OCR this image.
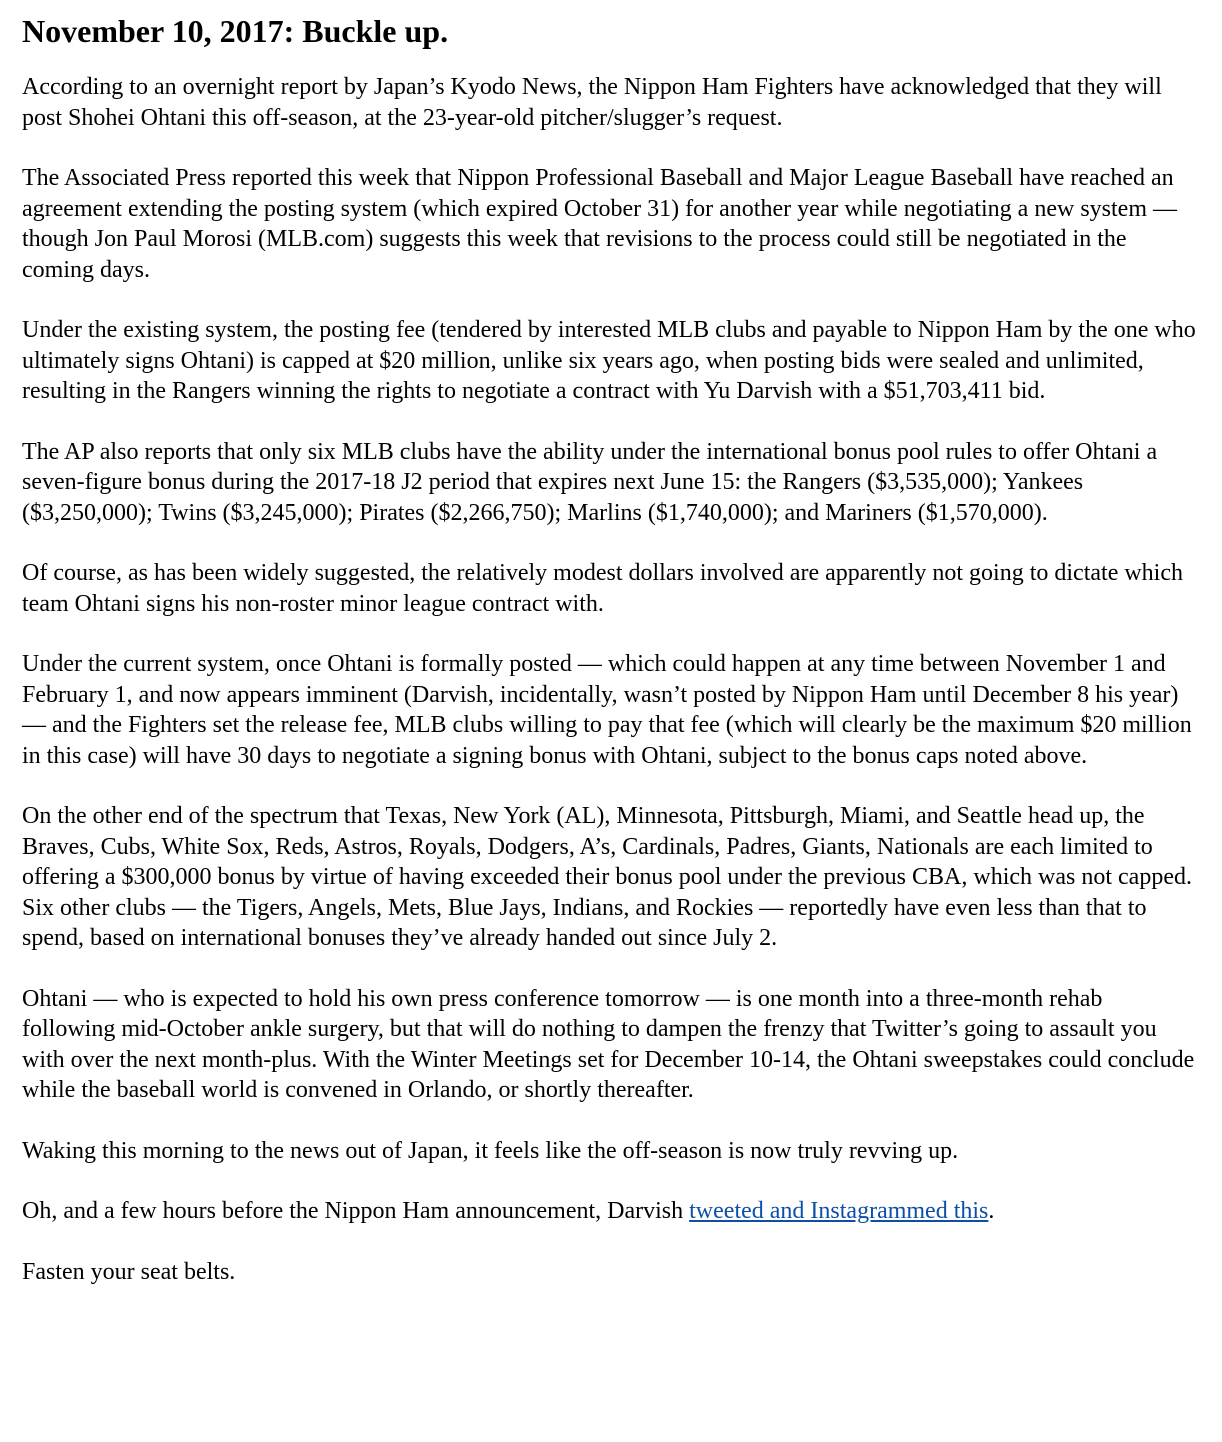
November 10, 2017: Buckle up.

According to an overnight report by Japan’s Kyodo News, the Nippon Ham Fighters have acknowledged that they will post Shohei Ohtani this off-season, at the 23-year-old pitcher/slugger’s request.

The Associated Press reported this week that Nippon Professional Baseball and Major League Baseball have reached an agreement extending the posting system (which expired October 31) for another year while negotiating a new system — though Jon Paul Morosi (MLB.com) suggests this week that revisions to the process could still be negotiated in the coming days.

Under the existing system, the posting fee (tendered by interested MLB clubs and payable to Nippon Ham by the one who ultimately signs Ohtani) is capped at $20 million, unlike six years ago, when posting bids were sealed and unlimited, resulting in the Rangers winning the rights to negotiate a contract with Yu Darvish with a $51,703,411 bid.

The AP also reports that only six MLB clubs have the ability under the international bonus pool rules to offer Ohtani a seven-figure bonus during the 2017-18 J2 period that expires next June 15: the Rangers ($3,535,000); Yankees ($3,250,000); Twins ($3,245,000); Pirates ($2,266,750); Marlins ($1,740,000); and Mariners ($1,570,000).

Of course, as has been widely suggested, the relatively modest dollars involved are apparently not going to dictate which team Ohtani signs his non-roster minor league contract with.

Under the current system, once Ohtani is formally posted — which could happen at any time between November 1 and February 1, and now appears imminent (Darvish, incidentally, wasn’t posted by Nippon Ham until December 8 his year) — and the Fighters set the release fee, MLB clubs willing to pay that fee (which will clearly be the maximum $20 million in this case) will have 30 days to negotiate a signing bonus with Ohtani, subject to the bonus caps noted above.

On the other end of the spectrum that Texas, New York (AL), Minnesota, Pittsburgh, Miami, and Seattle head up, the Braves, Cubs, White Sox, Reds, Astros, Royals, Dodgers, A’s, Cardinals, Padres, Giants, Nationals are each limited to offering a $300,000 bonus by virtue of having exceeded their bonus pool under the previous CBA, which was not capped. Six other clubs — the Tigers, Angels, Mets, Blue Jays, Indians, and Rockies — reportedly have even less than that to spend, based on international bonuses they’ve already handed out since July 2.

Ohtani — who is expected to hold his own press conference tomorrow — is one month into a three-month rehab following mid-October ankle surgery, but that will do nothing to dampen the frenzy that Twitter’s going to assault you with over the next month-plus. With the Winter Meetings set for December 10-14, the Ohtani sweepstakes could conclude while the baseball world is convened in Orlando, or shortly thereafter.

Waking this morning to the news out of Japan, it feels like the off-season is now truly revving up.

Oh, and a few hours before the Nippon Ham announcement, Darvish tweeted and Instagrammed this.

Fasten your seat belts.
